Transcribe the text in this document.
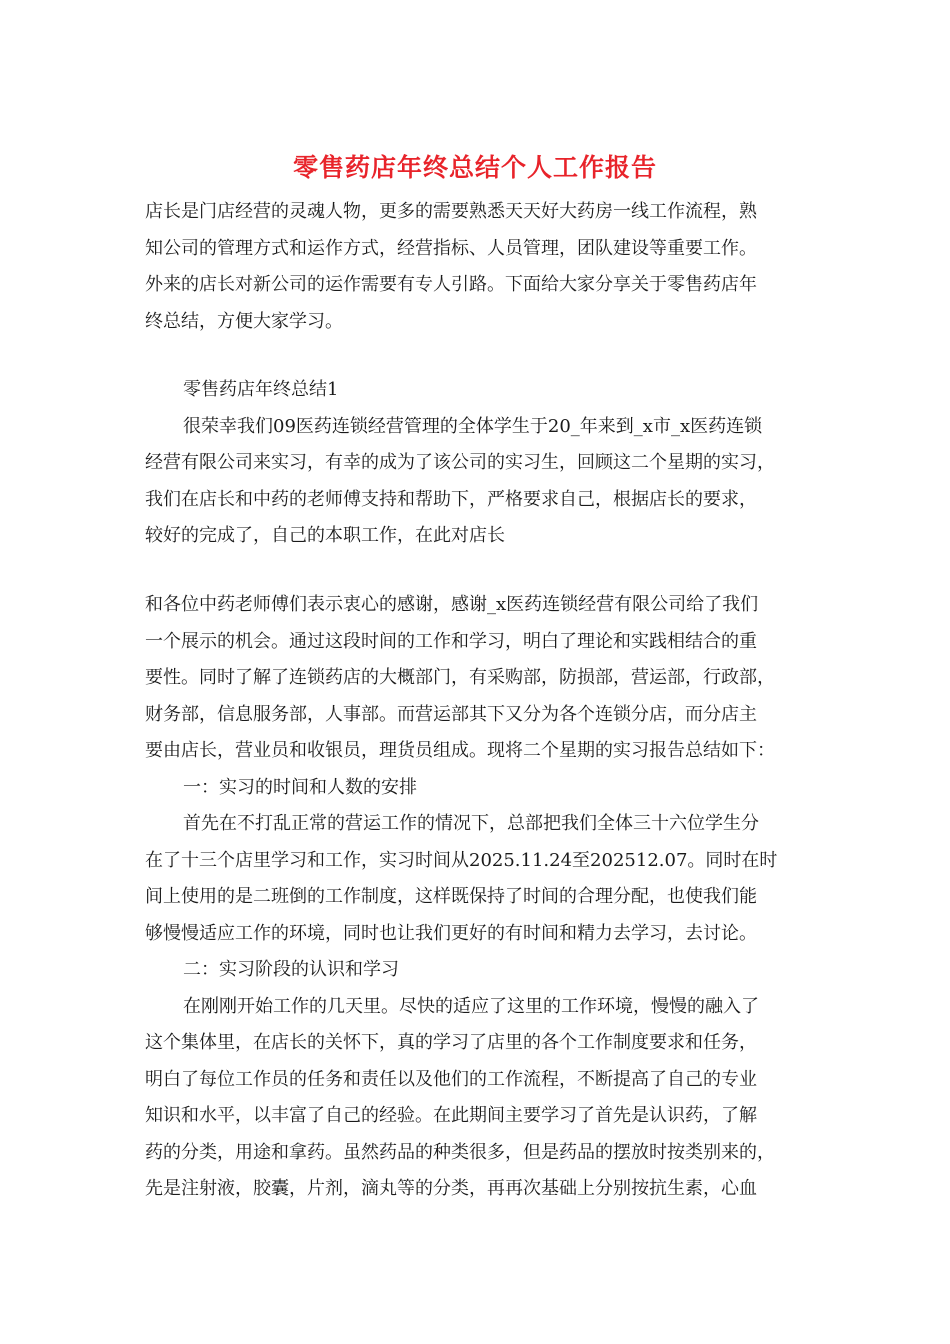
零售药店年终总结个人工作报告
店长是门店经营的灵魂人物，更多的需要熟悉天天好大药房一线工作流程，熟
知公司的管理方式和运作方式，经营指标、人员管理，团队建设等重要工作。
外来的店长对新公司的运作需要有专人引路。下面给大家分享关于零售药店年
终总结，方便大家学习。
零售药店年终总结1
很荣幸我们09医药连锁经营管理的全体学生于20_年来到_x市_x医药连锁
经营有限公司来实习，有幸的成为了该公司的实习生，回顾这二个星期的实习，
我们在店长和中药的老师傅支持和帮助下，严格要求自己，根据店长的要求，
较好的完成了，自己的本职工作，在此对店长
和各位中药老师傅们表示衷心的感谢，感谢_x医药连锁经营有限公司给了我们
一个展示的机会。通过这段时间的工作和学习，明白了理论和实践相结合的重
要性。同时了解了连锁药店的大概部门，有采购部，防损部，营运部，行政部，
财务部，信息服务部，人事部。而营运部其下又分为各个连锁分店，而分店主
要由店长，营业员和收银员，理货员组成。现将二个星期的实习报告总结如下：
一：实习的时间和人数的安排
首先在不打乱正常的营运工作的情况下，总部把我们全体三十六位学生分
在了十三个店里学习和工作，实习时间从2025.11.24至202512.07。同时在时
间上使用的是二班倒的工作制度，这样既保持了时间的合理分配，也使我们能
够慢慢适应工作的环境，同时也让我们更好的有时间和精力去学习，去讨论。
二：实习阶段的认识和学习
在刚刚开始工作的几天里。尽快的适应了这里的工作环境，慢慢的融入了
这个集体里，在店长的关怀下，真的学习了店里的各个工作制度要求和任务，
明白了每位工作员的任务和责任以及他们的工作流程，不断提高了自己的专业
知识和水平，以丰富了自己的经验。在此期间主要学习了首先是认识药，了解
药的分类，用途和拿药。虽然药品的种类很多，但是药品的摆放时按类别来的，
先是注射液，胶囊，片剂，滴丸等的分类，再再次基础上分别按抗生素，心血
